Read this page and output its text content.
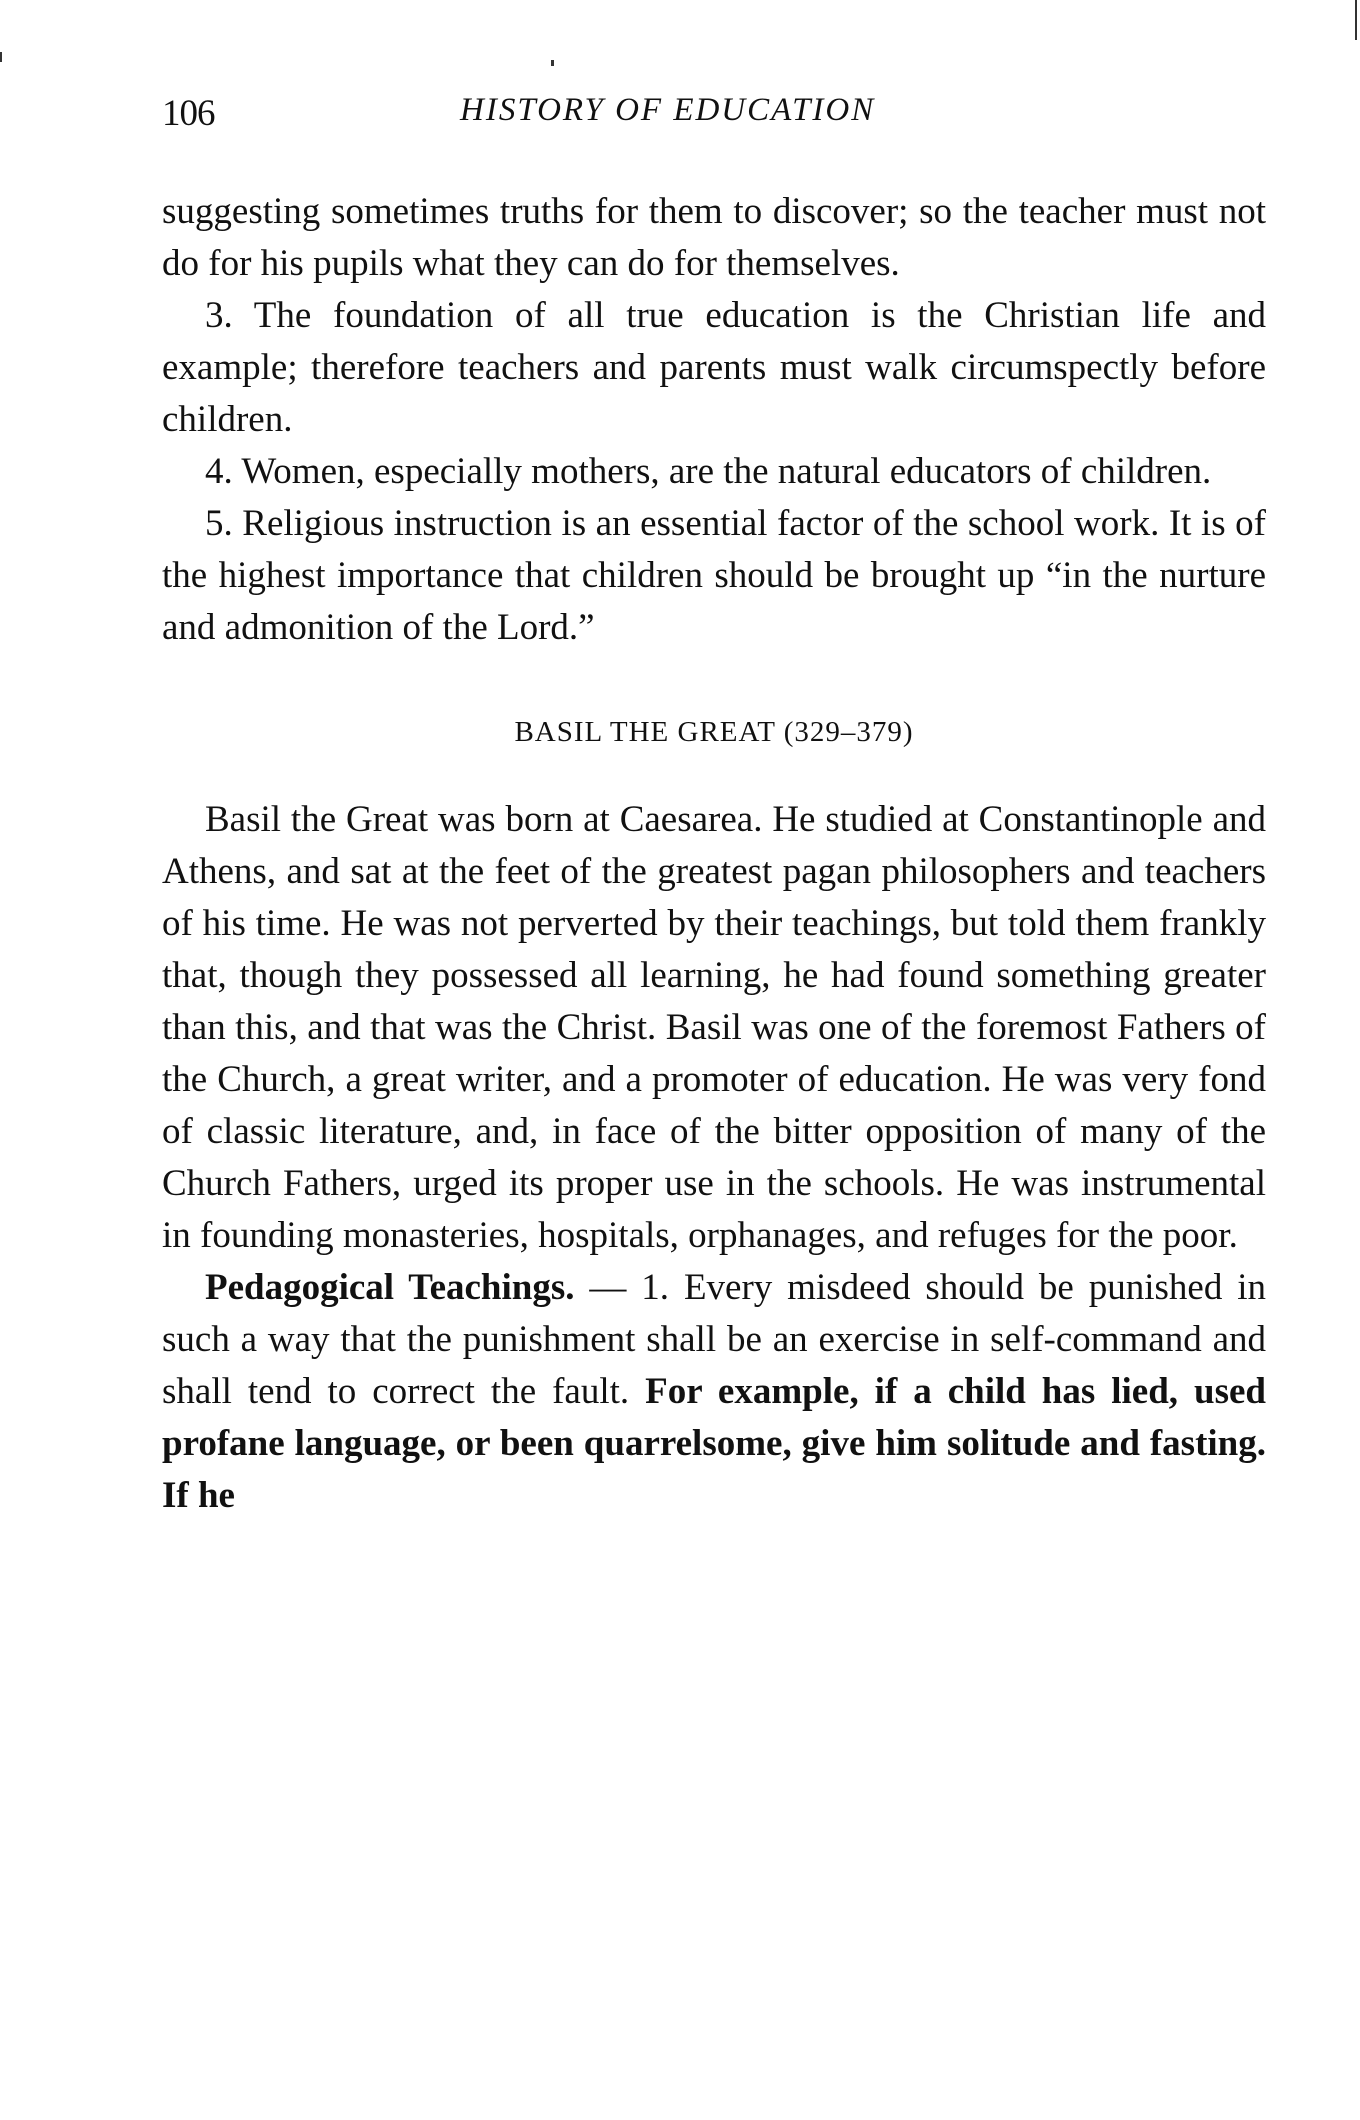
106	HISTORY OF EDUCATION

suggesting sometimes truths for them to discover; so the teacher must not do for his pupils what they can do for themselves.

3. The foundation of all true education is the Christian life and example; therefore teachers and parents must walk circumspectly before children.

4. Women, especially mothers, are the natural educators of children.

5. Religious instruction is an essential factor of the school work. It is of the highest importance that children should be brought up “in the nurture and admonition of the Lord.”

BASIL THE GREAT (329–379)

Basil the Great was born at Caesarea. He studied at Constantinople and Athens, and sat at the feet of the greatest pagan philosophers and teachers of his time. He was not perverted by their teachings, but told them frankly that, though they possessed all learning, he had found something greater than this, and that was the Christ. Basil was one of the foremost Fathers of the Church, a great writer, and a promoter of education. He was very fond of classic literature, and, in face of the bitter opposition of many of the Church Fathers, urged its proper use in the schools. He was instrumental in founding monasteries, hospitals, orphanages, and refuges for the poor.

Pedagogical Teachings. — 1. Every misdeed should be punished in such a way that the punishment shall be an exercise in self-command and shall tend to correct the fault. For example, if a child has lied, used profane language, or been quarrelsome, give him solitude and fasting. If he
